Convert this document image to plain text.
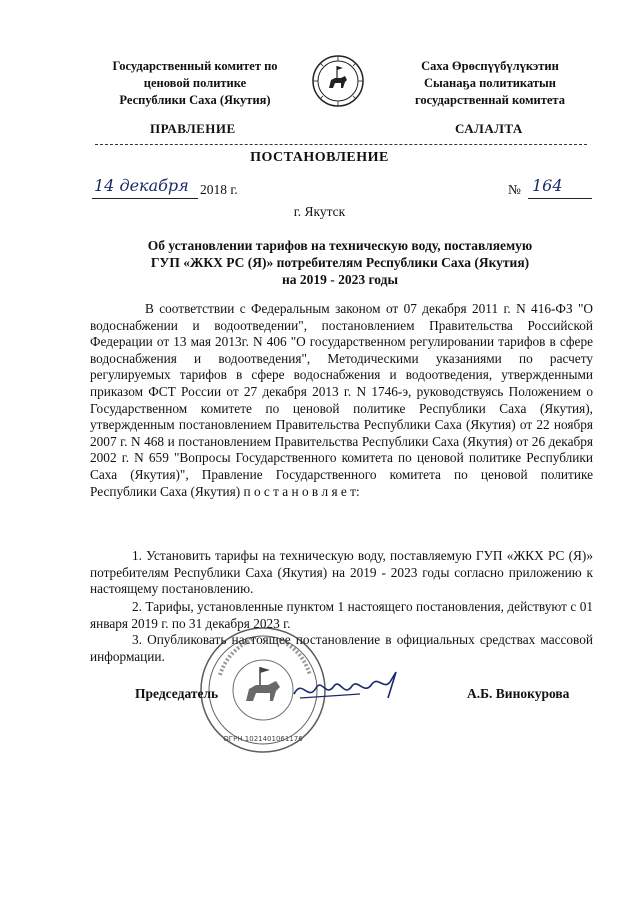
Государственный комитет по
ценовой политике
Республики Саха (Якутия)
Саха Өрөспүүбүлүкэтин
Сыанаҕа политикатын
государственнай комитета
ПРАВЛЕНИЕ	САЛАЛТА
ПОСТАНОВЛЕНИЕ
14 декабря 2018 г.	№ 164
г. Якутск
Об установлении тарифов на техническую воду, поставляемую
ГУП «ЖКХ РС (Я)» потребителям Республики Саха (Якутия)
на 2019 - 2023 годы
В соответствии с Федеральным законом от 07 декабря 2011 г. N 416-ФЗ "О водоснабжении и водоотведении", постановлением Правительства Российской Федерации от 13 мая 2013г. N 406 "О государственном регулировании тарифов в сфере водоснабжения и водоотведения", Методическими указаниями по расчету регулируемых тарифов в сфере водоснабжения и водоотведения, утвержденными приказом ФСТ России от 27 декабря 2013 г. N 1746-э, руководствуясь Положением о Государственном комитете по ценовой политике Республики Саха (Якутия), утвержденным постановлением Правительства Республики Саха (Якутия) от 22 ноября 2007 г. N 468 и постановлением Правительства Республики Саха (Якутия) от 26 декабря 2002 г. N 659 "Вопросы Государственного комитета по ценовой политике Республики Саха (Якутия)", Правление Государственного комитета по ценовой политике Республики Саха (Якутия) п о с т а н о в л я е т:
1. Установить тарифы на техническую воду, поставляемую ГУП «ЖКХ РС (Я)» потребителям Республики Саха (Якутия) на 2019 - 2023 годы согласно приложению к настоящему постановлению.
2. Тарифы, установленные пунктом 1 настоящего постановления, действуют с 01 января 2019 г. по 31 декабря 2023 г.
3. Опубликовать настоящее постановление в официальных средствах массовой информации.
ОГРН 1021401061176
Председатель	А.Б. Винокурова
